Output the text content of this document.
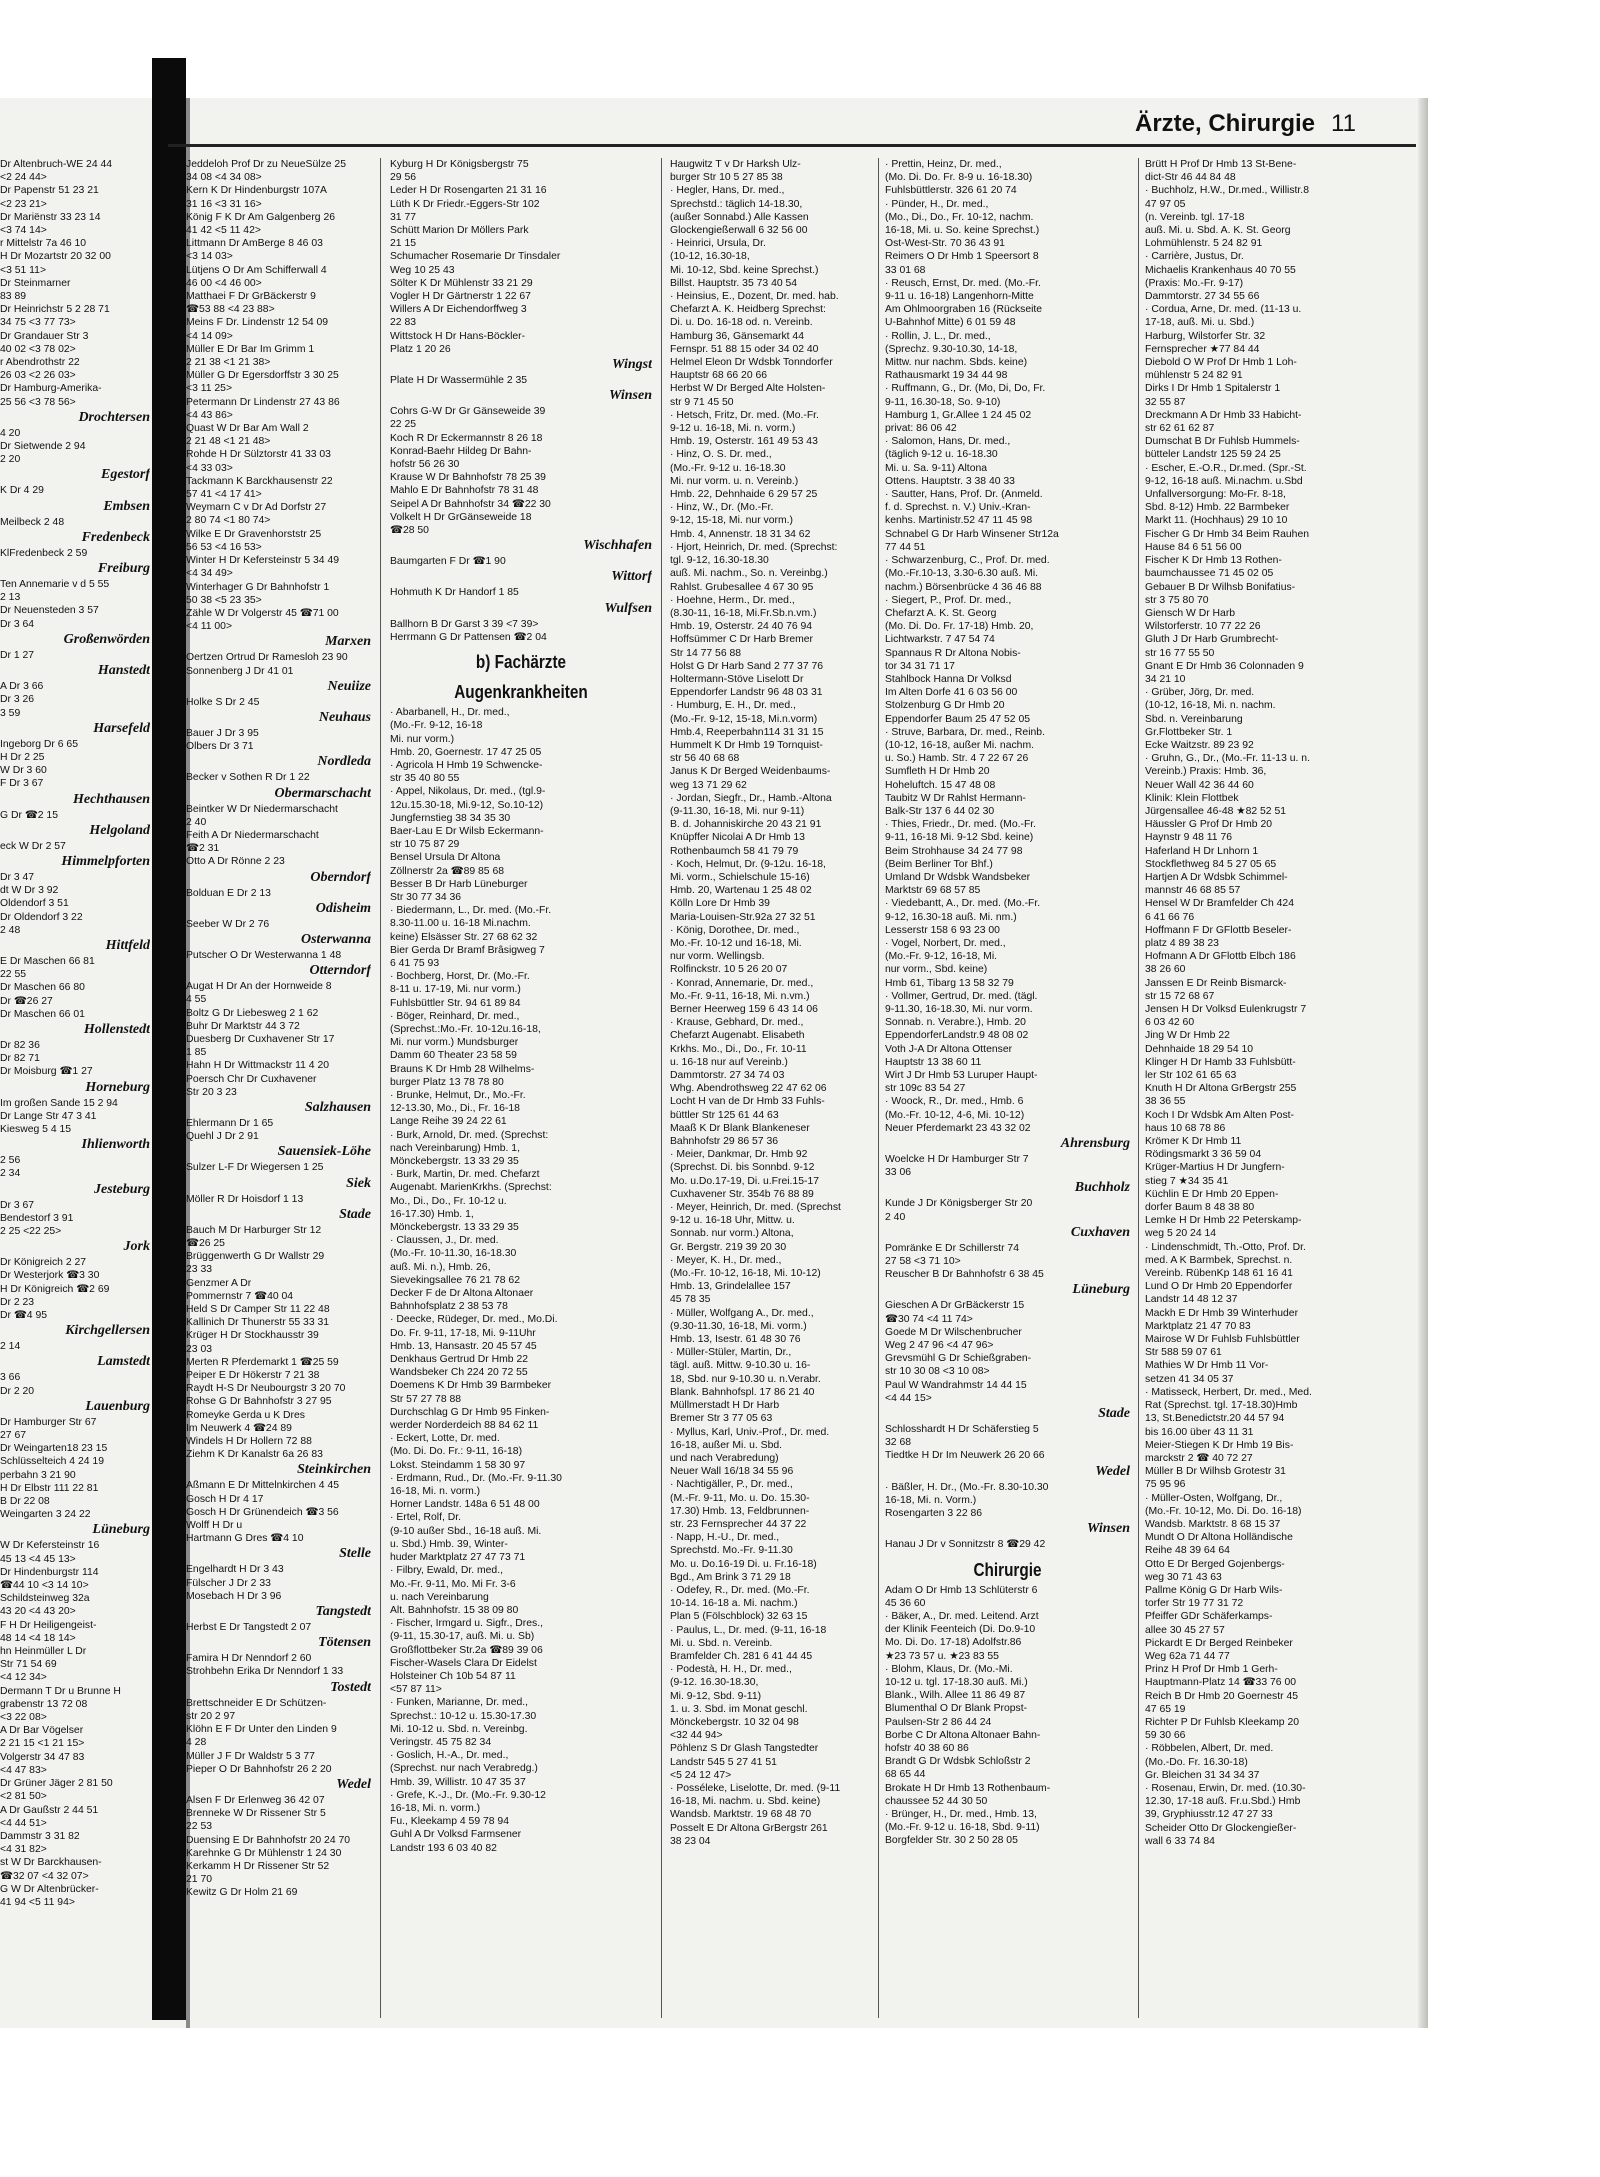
Ärzte, Chirurgie 11
Dr Altenbruch-WE 24 44
<2 24 44>
Dr Papenstr 51 23 21
<2 23 21>
Dr Mariënstr 33 23 14
<3 74 14>
r Mittelstr 7a 46 10
H Dr Mozartstr 20 32 00
<3 51 11>
Dr Steinmarner
83 89
Dr Heinrichstr 5 2 28 71
34 75 <3 77 73>
Dr Grandauer Str 3
40 02 <3 78 02>
r Abendrothstr 22
26 03 <2 26 03>
Dr Hamburg-Amerika-
25 56 <3 78 56>
Drochtersen
4 20
Dr Sietwende 2 94
2 20
Egestorf
K Dr 4 29
Embsen
Meilbeck 2 48
Fredenbeck
KlFredenbeck 2 59
Freiburg
Ten Annemarie v d 5 55
2 13
Dr Neuensteden 3 57
Dr 3 64
Großenwörden
Dr 1 27
Hanstedt
A Dr 3 66
Dr 3 26
3 59
Harsefeld
Ingeborg Dr 6 65
H Dr 2 25
W Dr 3 60
F Dr 3 67
Hechthausen
G Dr ☎2 15
Helgoland
eck W Dr 2 57
Himmelpforten
Dr 3 47
dt W Dr 3 92
Oldendorf 3 51
Dr Oldendorf 3 22
2 48
Hittfeld
E Dr Maschen 66 81
22 55
Dr Maschen 66 80
Dr ☎26 27
Dr Maschen 66 01
Hollenstedt
Dr 82 36
Dr 82 71
Dr Moisburg ☎1 27
Horneburg
Im großen Sande 15 2 94
Dr Lange Str 47 3 41
Kiesweg 5 4 15
Ihlienworth
2 56
2 34
Jesteburg
Dr 3 67
Bendestorf 3 91
2 25 <22 25>
Jork
Dr Königreich 2 27
Dr Westerjork ☎3 30
H Dr Königreich ☎2 69
Dr 2 23
Dr ☎4 95
Kirchgellersen
2 14
Lamstedt
3 66
Dr 2 20
Lauenburg
Dr Hamburger Str 67
27 67
Dr Weingarten18 23 15
Schlüsselteich 4 24 19
perbahn 3 21 90
H Dr Elbstr 111 22 81
B Dr 22 08
Weingarten 3 24 22
Lüneburg
W Dr Kefersteinstr 16
45 13 <4 45 13>
Dr Hindenburgstr 114
☎44 10 <3 14 10>
Schildsteinweg 32a
43 20 <4 43 20>
F H Dr Heiligengeist-
48 14 <4 18 14>
hn Heinmüller L Dr
Str 71 54 69
<4 12 34>
Dermann T Dr u Brunne H
grabenstr 13 72 08
<3 22 08>
A Dr Bar Vögelser
2 21 15 <1 21 15>
Volgerstr 34 47 83
<4 47 83>
Dr Grüner Jäger 2 81 50
<2 81 50>
A Dr Gaußstr 2 44 51
<4 44 51>
Dammstr 3 31 82
<4 31 82>
st W Dr Barckhausen-
☎32 07 <4 32 07>
G W Dr Altenbrücker-
41 94 <5 11 94>
Jeddeloh Prof Dr zu NeueSülze 25
34 08 <4 34 08>
Kern K Dr Hindenburgstr 107A
31 16 <3 31 16>
König F K Dr Am Galgenberg 26
41 42 <5 11 42>
Littmann Dr AmBerge 8 46 03
<3 14 03>
Lütjens O Dr Am Schifferwall 4
46 00 <4 46 00>
Matthaei F Dr GrBäckerstr 9
☎53 88 <4 23 88>
Meins F Dr. Lindenstr 12 54 09
<4 14 09>
Müller E Dr Bar Im Grimm 1
2 21 38 <1 21 38>
Müller G Dr Egersdorffstr 3 30 25
<3 11 25>
Petermann Dr Lindenstr 27 43 86
<4 43 86>
Quast W Dr Bar Am Wall 2
2 21 48 <1 21 48>
Rohde H Dr Sülztorstr 41 33 03
<4 33 03>
Tackmann K Barckhausenstr 22
57 41 <4 17 41>
Weymarn C v Dr Ad Dorfstr 27
2 80 74 <1 80 74>
Wilke E Dr Gravenhorststr 25
56 53 <4 16 53>
Winter H Dr Kefersteinstr 5 34 49
<4 34 49>
Winterhager G Dr Bahnhofstr 1
50 38 <5 23 35>
Zähle W Dr Volgerstr 45 ☎71 00
<4 11 00>
Marxen
Oertzen Ortrud Dr Ramesloh 23 90
Sonnenberg J Dr 41 01
Neuiize
Holke S Dr 2 45
Neuhaus
Bauer J Dr 3 95
Olbers Dr 3 71
Nordleda
Becker v Sothen R Dr 1 22
Obermarschacht
Beintker W Dr Niedermarschacht
2 40
Feith A Dr Niedermarschacht
☎2 31
Otto A Dr Rönne 2 23
Oberndorf
Bolduan E Dr 2 13
Odisheim
Seeber W Dr 2 76
Osterwanna
Putscher O Dr Westerwanna 1 48
Otterndorf
Augat H Dr An der Hornweide 8
4 55
Boltz G Dr Liebesweg 2 1 62
Buhr Dr Marktstr 44 3 72
Duesberg Dr Cuxhavener Str 17
1 85
Hahn H Dr Wittmackstr 11 4 20
Poersch Chr Dr Cuxhavener
Str 20 3 23
Salzhausen
Ehlermann Dr 1 65
Quehl J Dr 2 91
Sauensiek-Löhe
Sulzer L-F Dr Wiegersen 1 25
Siek
Möller R Dr Hoisdorf 1 13
Stade
Bauch M Dr Harburger Str 12
☎26 25
Brüggenwerth G Dr Wallstr 29
23 33
Genzmer A Dr
Pommernstr 7 ☎40 04
Held S Dr Camper Str 11 22 48
Kallinich Dr Thunerstr 55 33 31
Krüger H Dr Stockhausstr 39
23 03
Merten R Pferdemarkt 1 ☎25 59
Peiper E Dr Hökerstr 7 21 38
Raydt H-S Dr Neubourgstr 3 20 70
Rohse G Dr Bahnhofstr 3 27 95
Romeyke Gerda u K Dres
Im Neuwerk 4 ☎24 89
Windels H Dr Hollern 72 88
Ziehm K Dr Kanalstr 6a 26 83
Steinkirchen
Aßmann E Dr Mittelnkirchen 4 45
Gosch H Dr 4 17
Gosch H Dr Grünendeich ☎3 56
Wolff H Dr u
Hartmann G Dres ☎4 10
Stelle
Engelhardt H Dr 3 43
Fülscher J Dr 2 33
Mosebach H Dr 3 96
Tangstedt
Herbst E Dr Tangstedt 2 07
Tötensen
Famira H Dr Nenndorf 2 60
Strohbehn Erika Dr Nenndorf 1 33
Tostedt
Brettschneider E Dr Schützen-
str 20 2 97
Klöhn E F Dr Unter den Linden 9
4 28
Müller J F Dr Waldstr 5 3 77
Pieper O Dr Bahnhofstr 26 2 20
Wedel
Alsen F Dr Erlenweg 36 42 07
Brenneke W Dr Rissener Str 5
22 53
Duensing E Dr Bahnhofstr 20 24 70
Karehnke G Dr Mühlenstr 1 24 30
Kerkamm H Dr Rissener Str 52
21 70
Kewitz G Dr Holm 21 69
Kyburg H Dr Königsbergstr 75
29 56
Leder H Dr Rosengarten 21 31 16
Lüth K Dr Friedr.-Eggers-Str 102
31 77
Schütt Marion Dr Möllers Park
21 15
Schumacher Rosemarie Dr Tinsdaler
Weg 10 25 43
Sölter K Dr Mühlenstr 33 21 29
Vogler H Dr Gärtnerstr 1 22 67
Willers A Dr Eichendorffweg 3
22 83
Wittstock H Dr Hans-Böckler-
Platz 1 20 26
Wingst
Plate H Dr Wassermühle 2 35
Winsen
Cohrs G-W Dr Gr Gänseweide 39
22 25
Koch R Dr Eckermannstr 8 26 18
Konrad-Baehr Hildeg Dr Bahn-
hofstr 56 26 30
Krause W Dr Bahnhofstr 78 25 39
Mahlo E Dr Bahnhofstr 78 31 48
Seipel A Dr Bahnhofstr 34 ☎22 30
Volkelt H Dr GrGänseweide 18
☎28 50
Wischhafen
Baumgarten F Dr ☎1 90
Wittorf
Hohmuth K Dr Handorf 1 85
Wulfsen
Ballhorn B Dr Garst 3 39 <7 39>
Herrmann G Dr Pattensen ☎2 04
b) Fachärzte
Augenkrankheiten
· Abarbanell, H., Dr. med.,
(Mo.-Fr. 9-12, 16-18
Mi. nur vorm.)
Hmb. 20, Goernestr. 17 47 25 05
· Agricola H Hmb 19 Schwencke-
str 35 40 80 55
· Appel, Nikolaus, Dr. med., (tgl.9-
12u.15.30-18, Mi.9-12, So.10-12)
Jungfernstieg 38 34 35 30
Baer-Lau E Dr Wilsb Eckermann-
str 10 75 87 29
Bensel Ursula Dr Altona
Zöllnerstr 2a ☎89 85 68
Besser B Dr Harb Lüneburger
Str 30 77 34 36
· Biedermann, L., Dr. med. (Mo.-Fr.
8.30-11.00 u. 16-18 Mi.nachm.
keine) Elsässer Str. 27 68 62 32
Bier Gerda Dr Bramf Brâsigweg 7
6 41 75 93
· Bochberg, Horst, Dr. (Mo.-Fr.
8-11 u. 17-19, Mi. nur vorm.)
Fuhlsbüttler Str. 94 61 89 84
· Böger, Reinhard, Dr. med.,
(Sprechst.:Mo.-Fr. 10-12u.16-18,
Mi. nur vorm.) Mundsburger
Damm 60 Theater 23 58 59
Brauns K Dr Hmb 28 Wilhelms-
burger Platz 13 78 78 80
· Brunke, Helmut, Dr., Mo.-Fr.
12-13.30, Mo., Di., Fr. 16-18
Lange Reihe 39 24 22 61
· Burk, Arnold, Dr. med. (Sprechst:
nach Vereinbarung) Hmb. 1,
Mönckebergstr. 13 33 29 35
· Burk, Martin, Dr. med. Chefarzt
Augenabt. MarienKrkhs. (Sprechst:
Mo., Di., Do., Fr. 10-12 u.
16-17.30) Hmb. 1,
Mönckebergstr. 13 33 29 35
· Claussen, J., Dr. med.
(Mo.-Fr. 10-11.30, 16-18.30
auß. Mi. n.), Hmb. 26,
Sievekingsallee 76 21 78 62
Decker F de Dr Altona Altonaer
Bahnhofsplatz 2 38 53 78
· Deecke, Rüdeger, Dr. med., Mo.Di.
Do. Fr. 9-11, 17-18, Mi. 9-11Uhr
Hmb. 13, Hansastr. 20 45 57 45
Denkhaus Gertrud Dr Hmb 22
Wandsbeker Ch 224 20 72 55
Doemens K Dr Hmb 39 Barmbeker
Str 57 27 78 88
Durchschlag G Dr Hmb 95 Finken-
werder Norderdeich 88 84 62 11
· Eckert, Lotte, Dr. med.
(Mo. Di. Do. Fr.: 9-11, 16-18)
Lokst. Steindamm 1 58 30 97
· Erdmann, Rud., Dr. (Mo.-Fr. 9-11.30
16-18, Mi. n. vorm.)
Horner Landstr. 148a 6 51 48 00
· Ertel, Rolf, Dr.
(9-10 außer Sbd., 16-18 auß. Mi.
u. Sbd.) Hmb. 39, Winter-
huder Marktplatz 27 47 73 71
· Filbry, Ewald, Dr. med.,
Mo.-Fr. 9-11, Mo. Mi Fr. 3-6
u. nach Vereinbarung
Alt. Bahnhofstr. 15 38 09 80
· Fischer, Irmgard u. Sigfr., Dres.,
(9-11, 15.30-17, auß. Mi. u. Sb)
Großflottbeker Str.2a ☎89 39 06
Fischer-Wasels Clara Dr Eidelst
Holsteiner Ch 10b 54 87 11
<57 87 11>
· Funken, Marianne, Dr. med.,
Sprechst.: 10-12 u. 15.30-17.30
Mi. 10-12 u. Sbd. n. Vereinbg.
Veringstr. 45 75 82 34
· Goslich, H.-A., Dr. med.,
(Sprechst. nur nach Verabredg.)
Hmb. 39, Willistr. 10 47 35 37
· Grefe, K.-J., Dr. (Mo.-Fr. 9.30-12
16-18, Mi. n. vorm.)
Fu., Kleekamp 4 59 78 94
Guhl A Dr Volksd Farmsener
Landstr 193 6 03 40 82
Haugwitz T v Dr Harksh Ulz-
burger Str 10 5 27 85 38
· Hegler, Hans, Dr. med.,
Sprechstd.: täglich 14-18.30,
(außer Sonnabd.) Alle Kassen
Glockengießerwall 6 32 56 00
· Heinrici, Ursula, Dr.
(10-12, 16.30-18,
Mi. 10-12, Sbd. keine Sprechst.)
Billst. Hauptstr. 35 73 40 54
· Heinsius, E., Dozent, Dr. med. hab.
Chefarzt A. K. Heidberg Sprechst:
Di. u. Do. 16-18 od. n. Vereinb.
Hamburg 36, Gänsemarkt 44
Fernspr. 51 88 15 oder 34 02 40
Helmel Eleon Dr Wdsbk Tonndorfer
Hauptstr 68 66 20 66
Herbst W Dr Berged Alte Holsten-
str 9 71 45 50
· Hetsch, Fritz, Dr. med. (Mo.-Fr.
9-12 u. 16-18, Mi. n. vorm.)
Hmb. 19, Osterstr. 161 49 53 43
· Hinz, O. S. Dr. med.,
(Mo.-Fr. 9-12 u. 16-18.30
Mi. nur vorm. u. n. Vereinb.)
Hmb. 22, Dehnhaide 6 29 57 25
· Hinz, W., Dr. (Mo.-Fr.
9-12, 15-18, Mi. nur vorm.)
Hmb. 4, Annenstr. 18 31 34 62
· Hjort, Heinrich, Dr. med. (Sprechst:
tgl. 9-12, 16.30-18.30
auß. Mi. nachm., So. n. Vereinbg.)
Rahlst. Grubesallee 4 67 30 95
· Hoehne, Herm., Dr. med.,
(8.30-11, 16-18, Mi.Fr.Sb.n.vm.)
Hmb. 19, Osterstr. 24 40 76 94
Hoffsümmer C Dr Harb Bremer
Str 14 77 56 88
Holst G Dr Harb Sand 2 77 37 76
Holtermann-Stöve Liselott Dr
Eppendorfer Landstr 96 48 03 31
· Humburg, E. H., Dr. med.,
(Mo.-Fr. 9-12, 15-18, Mi.n.vorm)
Hmb.4, Reeperbahn114 31 31 15
Hummelt K Dr Hmb 19 Tornquist-
str 56 40 68 68
Janus K Dr Berged Weidenbaums-
weg 13 71 29 62
· Jordan, Siegfr., Dr., Hamb.-Altona
(9-11.30, 16-18, Mi. nur 9-11)
B. d. Johanniskirche 20 43 21 91
Knüpffer Nicolai A Dr Hmb 13
Rothenbaumch 58 41 79 79
· Koch, Helmut, Dr. (9-12u. 16-18,
Mi. vorm., Schielschule 15-16)
Hmb. 20, Wartenau 1 25 48 02
Kölln Lore Dr Hmb 39
Maria-Louisen-Str.92a 27 32 51
· König, Dorothee, Dr. med.,
Mo.-Fr. 10-12 und 16-18, Mi.
nur vorm. Wellingsb.
Rolfinckstr. 10 5 26 20 07
· Konrad, Annemarie, Dr. med.,
Mo.-Fr. 9-11, 16-18, Mi. n.vm.)
Berner Heerweg 159 6 43 14 06
· Krause, Gebhard, Dr. med.,
Chefarzt Augenabt. Elisabeth
Krkhs. Mo., Di., Do., Fr. 10-11
u. 16-18 nur auf Vereinb.)
Dammtorstr. 27 34 74 03
Whg. Abendrothsweg 22 47 62 06
Locht H van de Dr Hmb 33 Fuhls-
büttler Str 125 61 44 63
Maaß K Dr Blank Blankeneser
Bahnhofstr 29 86 57 36
· Meier, Dankmar, Dr. Hmb 92
(Sprechst. Di. bis Sonnbd. 9-12
Mo. u.Do.17-19, Di. u.Frei.15-17
Cuxhavener Str. 354b 76 88 89
· Meyer, Heinrich, Dr. med. (Sprechst
9-12 u. 16-18 Uhr, Mittw. u.
Sonnab. nur vorm.) Altona,
Gr. Bergstr. 219 39 20 30
· Meyer, K. H., Dr. med.,
(Mo.-Fr. 10-12, 16-18, Mi. 10-12)
Hmb. 13, Grindelallee 157
45 78 35
· Müller, Wolfgang A., Dr. med.,
(9.30-11.30, 16-18, Mi. vorm.)
Hmb. 13, Isestr. 61 48 30 76
· Müller-Stüler, Martin, Dr.,
tägl. auß. Mittw. 9-10.30 u. 16-
18, Sbd. nur 9-10.30 u. n.Verabr.
Blank. Bahnhofspl. 17 86 21 40
Müllmerstadt H Dr Harb
Bremer Str 3 77 05 63
· Myllus, Karl, Univ.-Prof., Dr. med.
16-18, außer Mi. u. Sbd.
und nach Verabredung)
Neuer Wall 16/18 34 55 96
· Nachtigäller, P., Dr. med.,
(M.-Fr. 9-11, Mo. u. Do. 15.30-
17.30) Hmb. 13, Feldbrunnen-
str. 23 Fernsprecher 44 37 22
· Napp, H.-U., Dr. med.,
Sprechstd. Mo.-Fr. 9-11.30
Mo. u. Do.16-19 Di. u. Fr.16-18)
Bgd., Am Brink 3 71 29 18
· Odefey, R., Dr. med. (Mo.-Fr.
10-14. 16-18 a. Mi. nachm.)
Plan 5 (Fölschblock) 32 63 15
· Paulus, L., Dr. med. (9-11, 16-18
Mi. u. Sbd. n. Vereinb.
Bramfelder Ch. 281 6 41 44 45
· Podestà, H. H., Dr. med.,
(9-12. 16.30-18.30,
Mi. 9-12, Sbd. 9-11)
1. u. 3. Sbd. im Monat geschl.
Mönckebergstr. 10 32 04 98
<32 44 94>
Pöhlenz S Dr Glash Tangstedter
Landstr 545 5 27 41 51
<5 24 12 47>
· Posséleke, Liselotte, Dr. med. (9-11
16-18, Mi. nachm. u. Sbd. keine)
Wandsb. Marktstr. 19 68 48 70
Posselt E Dr Altona GrBergstr 261
38 23 04
· Prettin, Heinz, Dr. med.,
(Mo. Di. Do. Fr. 8-9 u. 16-18.30)
Fuhlsbüttlerstr. 326 61 20 74
· Pünder, H., Dr. med.,
(Mo., Di., Do., Fr. 10-12, nachm.
16-18, Mi. u. So. keine Sprechst.)
Ost-West-Str. 70 36 43 91
Reimers O Dr Hmb 1 Speersort 8
33 01 68
· Reusch, Ernst, Dr. med. (Mo.-Fr.
9-11 u. 16-18) Langenhorn-Mitte
Am Ohlmoorgraben 16 (Rückseite
U-Bahnhof Mitte) 6 01 59 48
· Rollin, J. L., Dr. med.,
(Sprechz. 9.30-10.30, 14-18,
Mittw. nur nachm. Sbds. keine)
Rathausmarkt 19 34 44 98
· Ruffmann, G., Dr. (Mo, Di, Do, Fr.
9-11, 16.30-18, So. 9-10)
Hamburg 1, Gr.Allee 1 24 45 02
privat: 86 06 42
· Salomon, Hans, Dr. med.,
(täglich 9-12 u. 16-18.30
Mi. u. Sa. 9-11) Altona
Ottens. Hauptstr. 3 38 40 33
· Sautter, Hans, Prof. Dr. (Anmeld.
f. d. Sprechst. n. V.) Univ.-Kran-
kenhs. Martinistr.52 47 11 45 98
Schnabel G Dr Harb Winsener Str12a
77 44 51
· Schwarzenburg, C., Prof. Dr. med.
(Mo.-Fr.10-13, 3.30-6.30 auß. Mi.
nachm.) Börsenbrücke 4 36 46 88
· Siegert, P., Prof. Dr. med.,
Chefarzt A. K. St. Georg
(Mo. Di. Do. Fr. 17-18) Hmb. 20,
Lichtwarkstr. 7 47 54 74
Spannaus R Dr Altona Nobis-
tor 34 31 71 17
Stahlbock Hanna Dr Volksd
Im Alten Dorfe 41 6 03 56 00
Stolzenburg G Dr Hmb 20
Eppendorfer Baum 25 47 52 05
· Struve, Barbara, Dr. med., Reinb.
(10-12, 16-18, außer Mi. nachm.
u. So.) Hamb. Str. 4 7 22 67 26
Sumfleth H Dr Hmb 20
Hoheluftch. 15 47 48 08
Taubitz W Dr Rahlst Hermann-
Balk-Str 137 6 44 02 30
· Thies, Friedr., Dr. med. (Mo.-Fr.
9-11, 16-18 Mi. 9-12 Sbd. keine)
Beim Strohhause 34 24 77 98
(Beim Berliner Tor Bhf.)
Umland Dr Wdsbk Wandsbeker
Marktstr 69 68 57 85
· Viedebantt, A., Dr. med. (Mo.-Fr.
9-12, 16.30-18 auß. Mi. nm.)
Lesserstr 158 6 93 23 00
· Vogel, Norbert, Dr. med.,
(Mo.-Fr. 9-12, 16-18, Mi.
nur vorm., Sbd. keine)
Hmb 61, Tibarg 13 58 32 79
· Vollmer, Gertrud, Dr. med. (tägl.
9-11.30, 16-18.30, Mi. nur vorm.
Sonnab. n. Verabre.), Hmb. 20
EppendorferLandstr.9 48 08 02
Voth J-A Dr Altona Ottenser
Hauptstr 13 38 60 11
Wirt J Dr Hmb 53 Luruper Haupt-
str 109c 83 54 27
· Woock, R., Dr. med., Hmb. 6
(Mo.-Fr. 10-12, 4-6, Mi. 10-12)
Neuer Pferdemarkt 23 43 32 02
Ahrensburg
Woelcke H Dr Hamburger Str 7
33 06
Buchholz
Kunde J Dr Königsberger Str 20
2 40
Cuxhaven
Pomränke E Dr Schillerstr 74
27 58 <3 71 10>
Reuscher B Dr Bahnhofstr 6 38 45
Lüneburg
Gieschen A Dr GrBäckerstr 15
☎30 74 <4 11 74>
Goede M Dr Wilschenbrucher
Weg 2 47 96 <4 47 96>
Grevsmühl G Dr Schießgraben-
str 10 30 08 <3 10 08>
Paul W Wandrahmstr 14 44 15
<4 44 15>
Stade
Schlosshardt H Dr Schäferstieg 5
32 68
Tiedtke H Dr Im Neuwerk 26 20 66
Wedel
· Bäßler, H. Dr., (Mo.-Fr. 8.30-10.30
16-18, Mi. n. Vorm.)
Rosengarten 3 22 86
Winsen
Hanau J Dr v Sonnitzstr 8 ☎29 42
Chirurgie
Adam O Dr Hmb 13 Schlüterstr 6
45 36 60
· Bäker, A., Dr. med. Leitend. Arzt
der Klinik Feenteich (Di. Do.9-10
Mo. Di. Do. 17-18) Adolfstr.86
★23 73 57 u. ★23 83 55
· Blohm, Klaus, Dr. (Mo.-Mi.
10-12 u. tgl. 17-18.30 auß. Mi.)
Blank., Wilh. Allee 11 86 49 87
Blumenthal O Dr Blank Propst-
Paulsen-Str 2 86 44 24
Borbe C Dr Altona Altonaer Bahn-
hofstr 40 38 60 86
Brandt G Dr Wdsbk Schloßstr 2
68 65 44
Brokate H Dr Hmb 13 Rothenbaum-
chaussee 52 44 30 50
· Brünger, H., Dr. med., Hmb. 13,
(Mo.-Fr. 9-12 u. 16-18, Sbd. 9-11)
Borgfelder Str. 30 2 50 28 05
Brütt H Prof Dr Hmb 13 St-Bene-
dict-Str 46 44 84 48
· Buchholz, H.W., Dr.med., Willistr.8
47 97 05
(n. Vereinb. tgl. 17-18
auß. Mi. u. Sbd. A. K. St. Georg
Lohmühlenstr. 5 24 82 91
· Carrière, Justus, Dr.
Michaelis Krankenhaus 40 70 55
(Praxis: Mo.-Fr. 9-17)
Dammtorstr. 27 34 55 66
· Cordua, Arne, Dr. med. (11-13 u.
17-18, auß. Mi. u. Sbd.)
Harburg, Wilstorfer Str. 32
Fernsprecher ★77 84 44
Diebold O W Prof Dr Hmb 1 Loh-
mühlenstr 5 24 82 91
Dirks I Dr Hmb 1 Spitalerstr 1
32 55 87
Dreckmann A Dr Hmb 33 Habicht-
str 62 61 62 87
Dumschat B Dr Fuhlsb Hummels-
bütteler Landstr 125 59 24 25
· Escher, E.-O.R., Dr.med. (Spr.-St.
9-12, 16-18 auß. Mi.nachm. u.Sbd
Unfallversorgung: Mo-Fr. 8-18,
Sbd. 8-12) Hmb. 22 Barmbeker
Markt 11. (Hochhaus) 29 10 10
Fischer G Dr Hmb 34 Beim Rauhen
Hause 84 6 51 56 00
Fischer K Dr Hmb 13 Rothen-
baumchaussee 71 45 02 05
Gebauer B Dr Wilhsb Bonifatius-
str 3 75 80 70
Giensch W Dr Harb
Wilstorferstr. 10 77 22 26
Gluth J Dr Harb Grumbrecht-
str 16 77 55 50
Gnant E Dr Hmb 36 Colonnaden 9
34 21 10
· Grüber, Jörg, Dr. med.
(10-12, 16-18, Mi. n. nachm.
Sbd. n. Vereinbarung
Gr.Flottbeker Str. 1
Ecke Waitzstr. 89 23 92
· Gruhn, G., Dr., (Mo.-Fr. 11-13 u. n.
Vereinb.) Praxis: Hmb. 36,
Neuer Wall 42 36 44 60
Klinik: Klein Flottbek
Jürgensallee 46-48 ★82 52 51
Häussler G Prof Dr Hmb 20
Haynstr 9 48 11 76
Haferland H Dr Lnhorn 1
Stockflethweg 84 5 27 05 65
Hartjen A Dr Wdsbk Schimmel-
mannstr 46 68 85 57
Hensel W Dr Bramfelder Ch 424
6 41 66 76
Hoffmann F Dr GFlottb Beseler-
platz 4 89 38 23
Hofmann A Dr GFlottb Elbch 186
38 26 60
Janssen E Dr Reinb Bismarck-
str 15 72 68 67
Jensen H Dr Volksd Eulenkrugstr 7
6 03 42 60
Jing W Dr Hmb 22
Dehnhaide 18 29 54 10
Klinger H Dr Hamb 33 Fuhlsbütt-
ler Str 102 61 65 63
Knuth H Dr Altona GrBergstr 255
38 36 55
Koch I Dr Wdsbk Am Alten Post-
haus 10 68 78 86
Krömer K Dr Hmb 11
Rödingsmarkt 3 36 59 04
Krüger-Martius H Dr Jungfern-
stieg 7 ★34 35 41
Küchlin E Dr Hmb 20 Eppen-
dorfer Baum 8 48 38 80
Lemke H Dr Hmb 22 Peterskamp-
weg 5 20 24 14
· Lindenschmidt, Th.-Otto, Prof. Dr.
med. A K Barmbek, Sprechst. n.
Vereinb. RübenKp 148 61 16 41
Lund O Dr Hmb 20 Eppendorfer
Landstr 14 48 12 37
Mackh E Dr Hmb 39 Winterhuder
Marktplatz 21 47 70 83
Mairose W Dr Fuhlsb Fuhlsbüttler
Str 588 59 07 61
Mathies W Dr Hmb 11 Vor-
setzen 41 34 05 37
· Matisseck, Herbert, Dr. med., Med.
Rat (Sprechst. tgl. 17-18.30)Hmb
13, St.Benedictstr.20 44 57 94
bis 16.00 über 43 11 31
Meier-Stiegen K Dr Hmb 19 Bis-
marckstr 2 ☎ 40 72 27
Müller B Dr Wilhsb Grotestr 31
75 95 96
· Müller-Osten, Wolfgang, Dr.,
(Mo.-Fr. 10-12, Mo. Di. Do. 16-18)
Wandsb. Marktstr. 8 68 15 37
Mundt O Dr Altona Holländische
Reihe 48 39 64 64
Otto E Dr Berged Gojenbergs-
weg 30 71 43 63
Pallme König G Dr Harb Wils-
torfer Str 19 77 31 72
Pfeiffer GDr Schäferkamps-
allee 30 45 27 57
Pickardt E Dr Berged Reinbeker
Weg 62a 71 44 77
Prinz H Prof Dr Hmb 1 Gerh-
Hauptmann-Platz 14 ☎33 76 00
Reich B Dr Hmb 20 Goernestr 45
47 65 19
Richter P Dr Fuhlsb Kleekamp 20
59 30 66
· Röbbelen, Albert, Dr. med.
(Mo.-Do. Fr. 16.30-18)
Gr. Bleichen 31 34 34 37
· Rosenau, Erwin, Dr. med. (10.30-
12.30, 17-18 auß. Fr.u.Sbd.) Hmb
39, Gryphiusstr.12 47 27 33
Scheider Otto Dr Glockengießer-
wall 6 33 74 84
